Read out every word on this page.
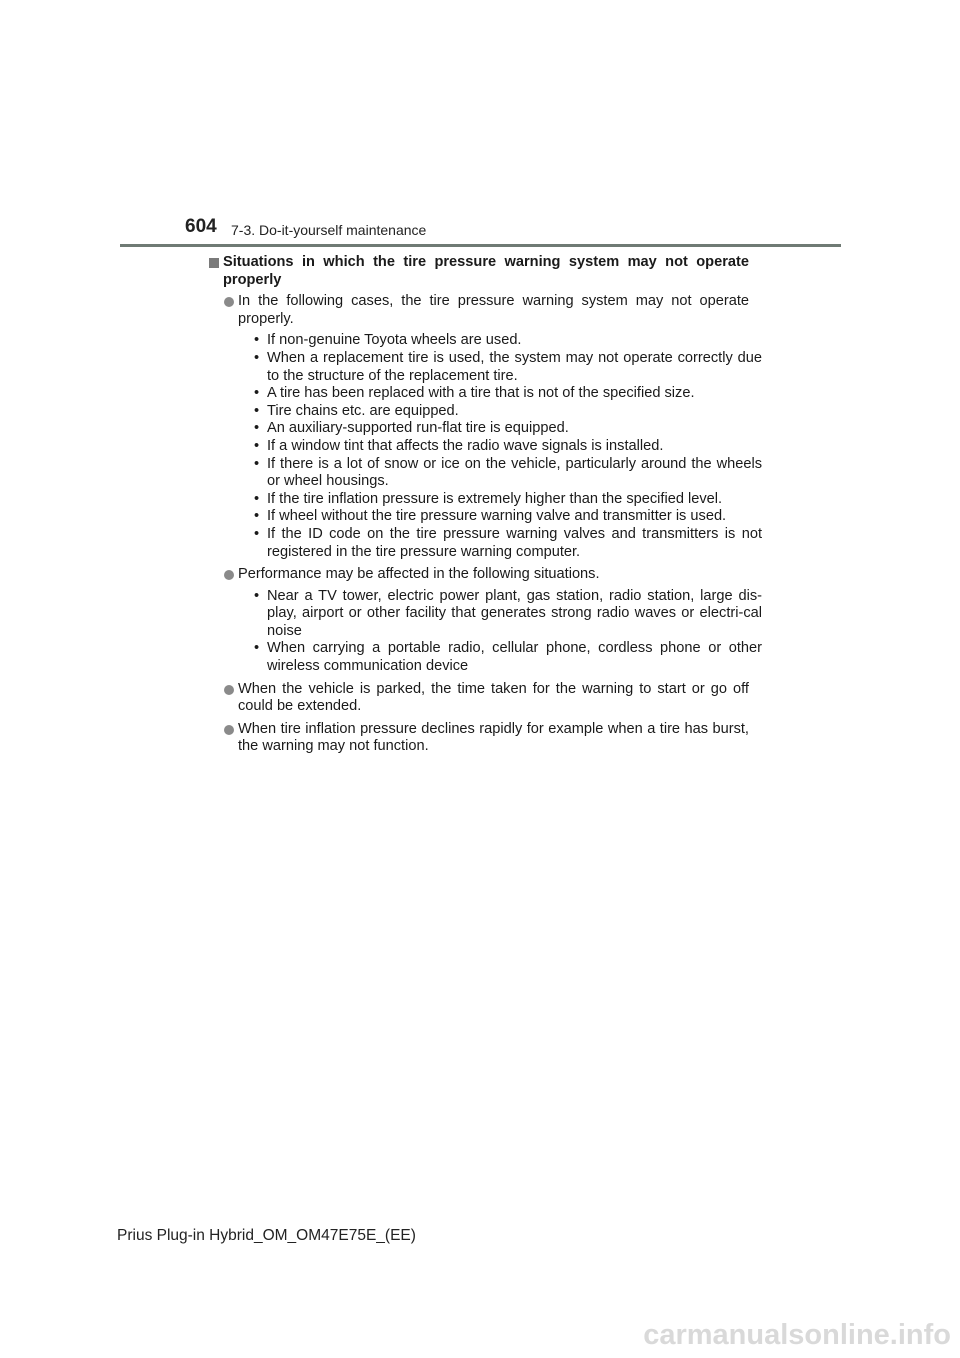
604 7-3. Do-it-yourself maintenance
Situations in which the tire pressure warning system may not operate properly
In the following cases, the tire pressure warning system may not operate properly.
• If non-genuine Toyota wheels are used.
• When a replacement tire is used, the system may not operate correctly due to the structure of the replacement tire.
• A tire has been replaced with a tire that is not of the specified size.
• Tire chains etc. are equipped.
• An auxiliary-supported run-flat tire is equipped.
• If a window tint that affects the radio wave signals is installed.
• If there is a lot of snow or ice on the vehicle, particularly around the wheels or wheel housings.
• If the tire inflation pressure is extremely higher than the specified level.
• If wheel without the tire pressure warning valve and transmitter is used.
• If the ID code on the tire pressure warning valves and transmitters is not registered in the tire pressure warning computer.
Performance may be affected in the following situations.
• Near a TV tower, electric power plant, gas station, radio station, large dis-play, airport or other facility that generates strong radio waves or electri-cal noise
• When carrying a portable radio, cellular phone, cordless phone or other wireless communication device
When the vehicle is parked, the time taken for the warning to start or go off could be extended.
When tire inflation pressure declines rapidly for example when a tire has burst, the warning may not function.
Prius Plug-in Hybrid_OM_OM47E75E_(EE)
carmanualsonline.info
